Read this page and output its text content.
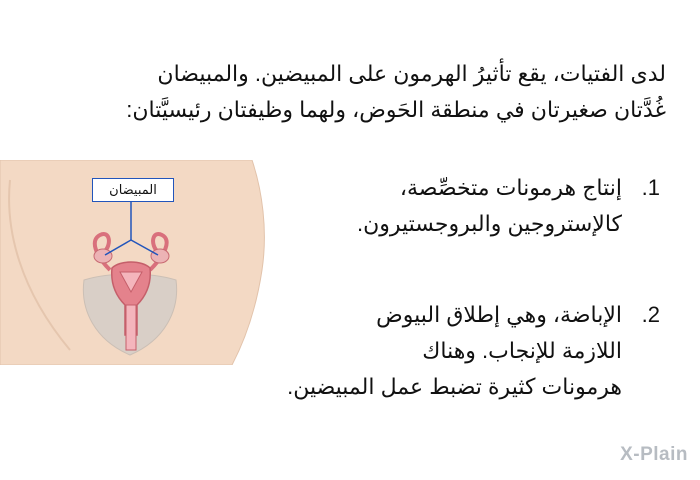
لدى الفتيات، يقع تأثيرُ الهرمون على المبيضين. والمبيضان

غُدَّتان صغيرتان في منطقة الحَوض، ولهما وظيفتان رئيسيَّتان:

المبيضان	1.
إنتاج هرمونات متخصِّصة،
كالإستروجين والبروجستيرون.
2.
الإباضة، وهي إطلاق البيوض
اللازمة للإنجاب. وهناك
هرمونات كثيرة تضبط عمل المبيضين.
X-Plain
